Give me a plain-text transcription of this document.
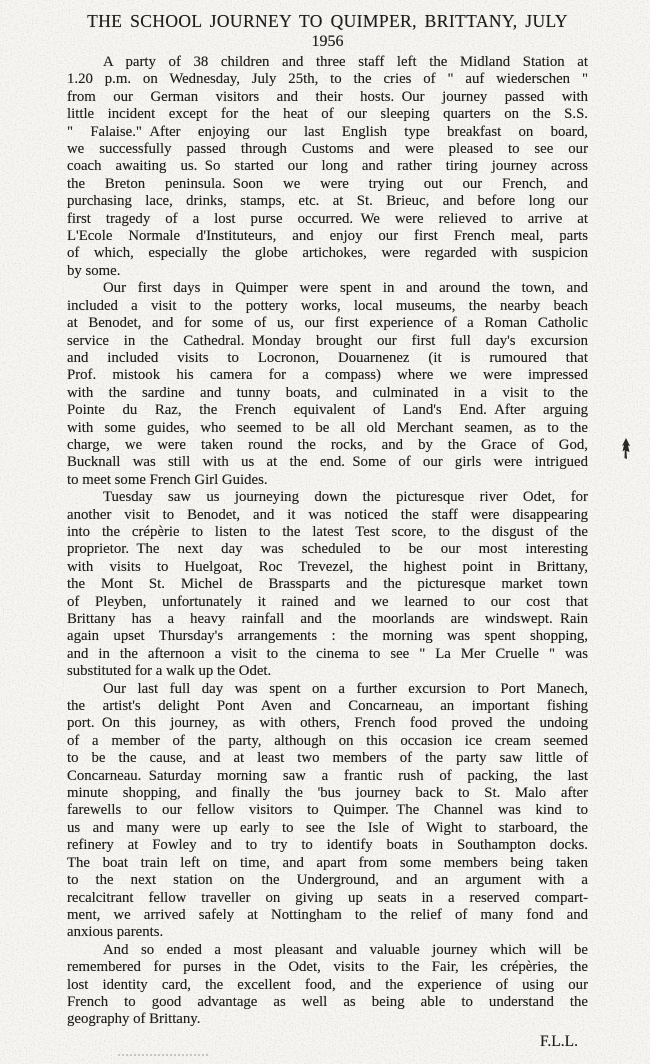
THE SCHOOL JOURNEY TO QUIMPER, BRITTANY, JULY
1956

A party of 38 children and three staff left the Midland Station at
1.20 p.m. on Wednesday, July 25th, to the cries of " auf wiederschen "
from our German visitors and their hosts. Our journey passed with
little incident except for the heat of our sleeping quarters on the S.S.
" Falaise." After enjoying our last English type breakfast on board,
we successfully passed through Customs and were pleased to see our
coach awaiting us. So started our long and rather tiring journey across
the Breton peninsula. Soon we were trying out our French, and
purchasing lace, drinks, stamps, etc. at St. Brieuc, and before long our
first tragedy of a lost purse occurred. We were relieved to arrive at
L'Ecole Normale d'Instituteurs, and enjoy our first French meal, parts
of which, especially the globe artichokes, were regarded with suspicion
by some.

Our first days in Quimper were spent in and around the town, and
included a visit to the pottery works, local museums, the nearby beach
at Benodet, and for some of us, our first experience of a Roman Catholic
service in the Cathedral. Monday brought our first full day's excursion
and included visits to Locronon, Douarnenez (it is rumoured that
Prof. mistook his camera for a compass) where we were impressed
with the sardine and tunny boats, and culminated in a visit to the
Pointe du Raz, the French equivalent of Land's End. After arguing
with some guides, who seemed to be all old Merchant seamen, as to the
charge, we were taken round the rocks, and by the Grace of God,
Bucknall was still with us at the end. Some of our girls were intrigued
to meet some French Girl Guides.

Tuesday saw us journeying down the picturesque river Odet, for
another visit to Benodet, and it was noticed the staff were disappearing
into the crépèrie to listen to the latest Test score, to the disgust of the
proprietor. The next day was scheduled to be our most interesting
with visits to Huelgoat, Roc Trevezel, the highest point in Brittany,
the Mont St. Michel de Brassparts and the picturesque market town
of Pleyben, unfortunately it rained and we learned to our cost that
Brittany has a heavy rainfall and the moorlands are windswept. Rain
again upset Thursday's arrangements : the morning was spent shopping,
and in the afternoon a visit to the cinema to see " La Mer Cruelle " was
substituted for a walk up the Odet.

Our last full day was spent on a further excursion to Port Manech,
the artist's delight Pont Aven and Concarneau, an important fishing
port. On this journey, as with others, French food proved the undoing
of a member of the party, although on this occasion ice cream seemed
to be the cause, and at least two members of the party saw little of
Concarneau. Saturday morning saw a frantic rush of packing, the last
minute shopping, and finally the 'bus journey back to St. Malo after
farewells to our fellow visitors to Quimper. The Channel was kind to
us and many were up early to see the Isle of Wight to starboard, the
refinery at Fowley and to try to identify boats in Southampton docks.
The boat train left on time, and apart from some members being taken
to the next station on the Underground, and an argument with a
recalcitrant fellow traveller on giving up seats in a reserved compart-
ment, we arrived safely at Nottingham to the relief of many fond and
anxious parents.

And so ended a most pleasant and valuable journey which will be
remembered for purses in the Odet, visits to the Fair, les crépèries, the
lost identity card, the excellent food, and the experience of using our
French to good advantage as well as being able to understand the
geography of Brittany.

F.L.L.
